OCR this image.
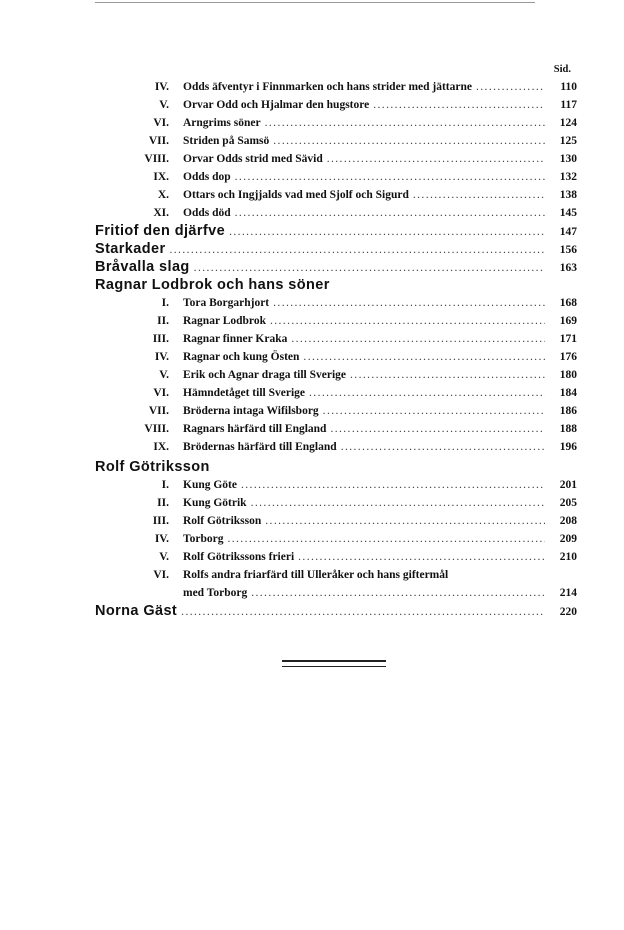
Sid.
IV. Odds äfventyr i Finnmarken och hans strider med jättarne .....	110
V. Orvar Odd och Hjalmar den hugstore .....	117
VI. Arngrims söner .....	124
VII. Striden på Samsö .....	125
VIII. Orvar Odds strid med Sävid .....	130
IX. Odds dop .....	132
X. Ottars och Ingjjalds vad med Sjolf och Sigurd .....	138
XI. Odds död .....	145
Fritiof den djärfve .....	147
Starkader .....	156
Bråvalla slag .....	163
Ragnar Lodbrok och hans söner
I. Tora Borgarhjort .....	168
II. Ragnar Lodbrok .....	169
III. Ragnar finner Kraka .....	171
IV. Ragnar och kung Östen .....	176
V. Erik och Agnar draga till Sverige .....	180
VI. Hämndetåget till Sverige .....	184
VII. Bröderna intaga Wifilsborg .....	186
VIII. Ragnars härfärd till England .....	188
IX. Brödernas härfärd till England .....	196
Rolf Götriksson
I. Kung Göte .....	201
II. Kung Götrik .....	205
III. Rolf Götriksson .....	208
IV. Torborg .....	209
V. Rolf Götrikssons frieri .....	210
VI. Rolfs andra friarfärd till Ulleråker och hans giftermål
med Torborg .....	214
Norna Gäst .....	220
